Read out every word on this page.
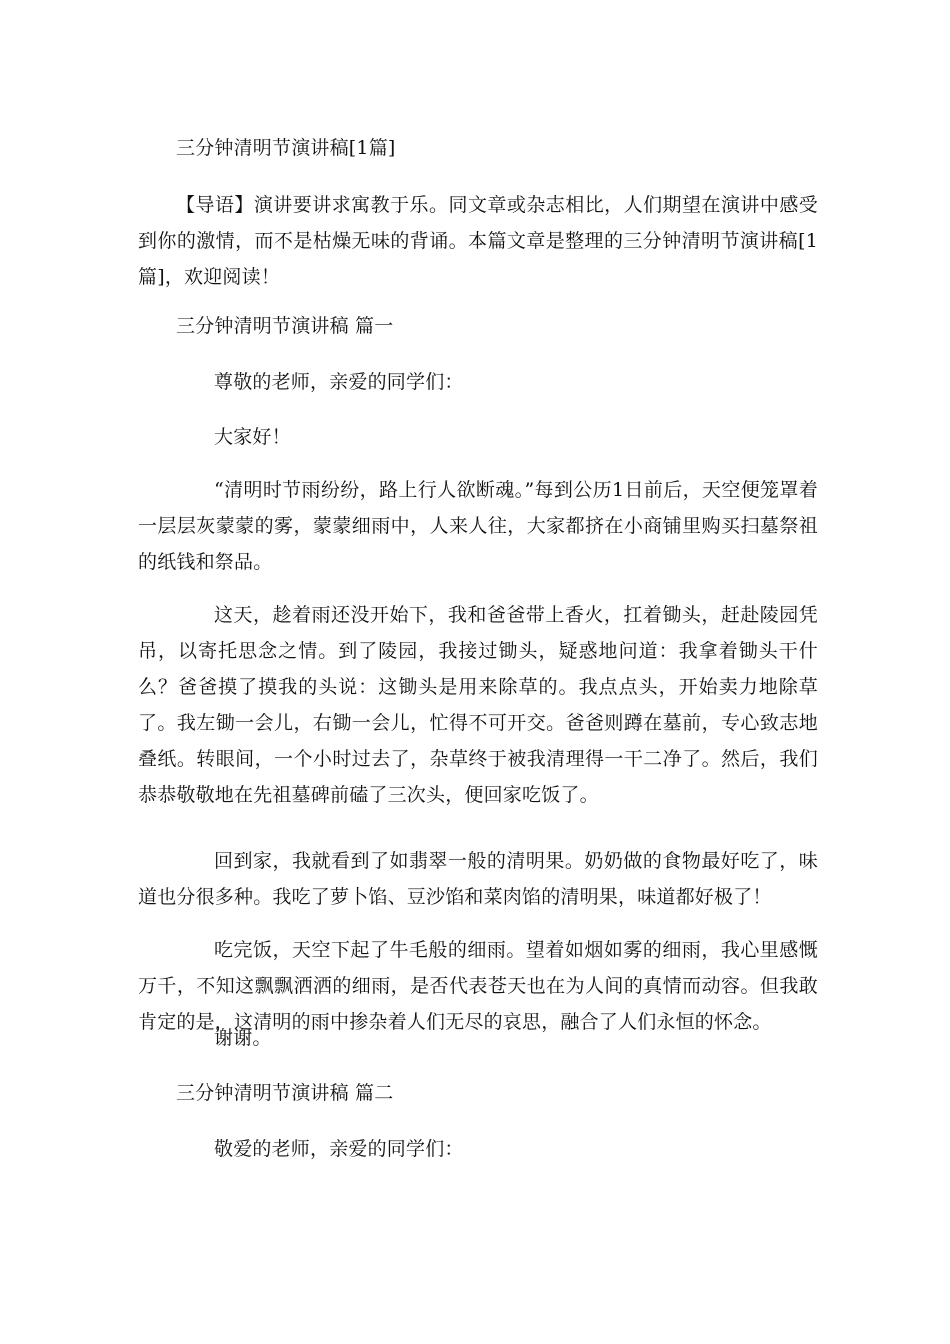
三分钟清明节演讲稿[1篇]
【导语】演讲要讲求寓教于乐。同文章或杂志相比，人们期望在演讲中感受到你的激情，而不是枯燥无味的背诵。本篇文章是整理的三分钟清明节演讲稿[1篇]，欢迎阅读！
三分钟清明节演讲稿 篇一
尊敬的老师，亲爱的同学们：
大家好！
“清明时节雨纷纷，路上行人欲断魂。”每到公历1日前后，天空便笼罩着一层层灰蒙蒙的雾，蒙蒙细雨中，人来人往，大家都挤在小商铺里购买扫墓祭祖的纸钱和祭品。
这天，趁着雨还没开始下，我和爸爸带上香火，扛着锄头，赶赴陵园凭吊，以寄托思念之情。到了陵园，我接过锄头，疑惑地问道：我拿着锄头干什么？爸爸摸了摸我的头说：这锄头是用来除草的。我点点头，开始卖力地除草了。我左锄一会儿，右锄一会儿，忙得不可开交。爸爸则蹲在墓前，专心致志地叠纸。转眼间，一个小时过去了，杂草终于被我清理得一干二净了。然后，我们恭恭敬敬地在先祖墓碑前磕了三次头，便回家吃饭了。
回到家，我就看到了如翡翠一般的清明果。奶奶做的食物最好吃了，味道也分很多种。我吃了萝卜馅、豆沙馅和菜肉馅的清明果，味道都好极了！
吃完饭，天空下起了牛毛般的细雨。望着如烟如雾的细雨，我心里感慨万千，不知这飘飘洒洒的细雨，是否代表苍天也在为人间的真情而动容。但我敢肯定的是，这清明的雨中掺杂着人们无尽的哀思，融合了人们永恒的怀念。
谢谢。
三分钟清明节演讲稿 篇二
敬爱的老师，亲爱的同学们：
